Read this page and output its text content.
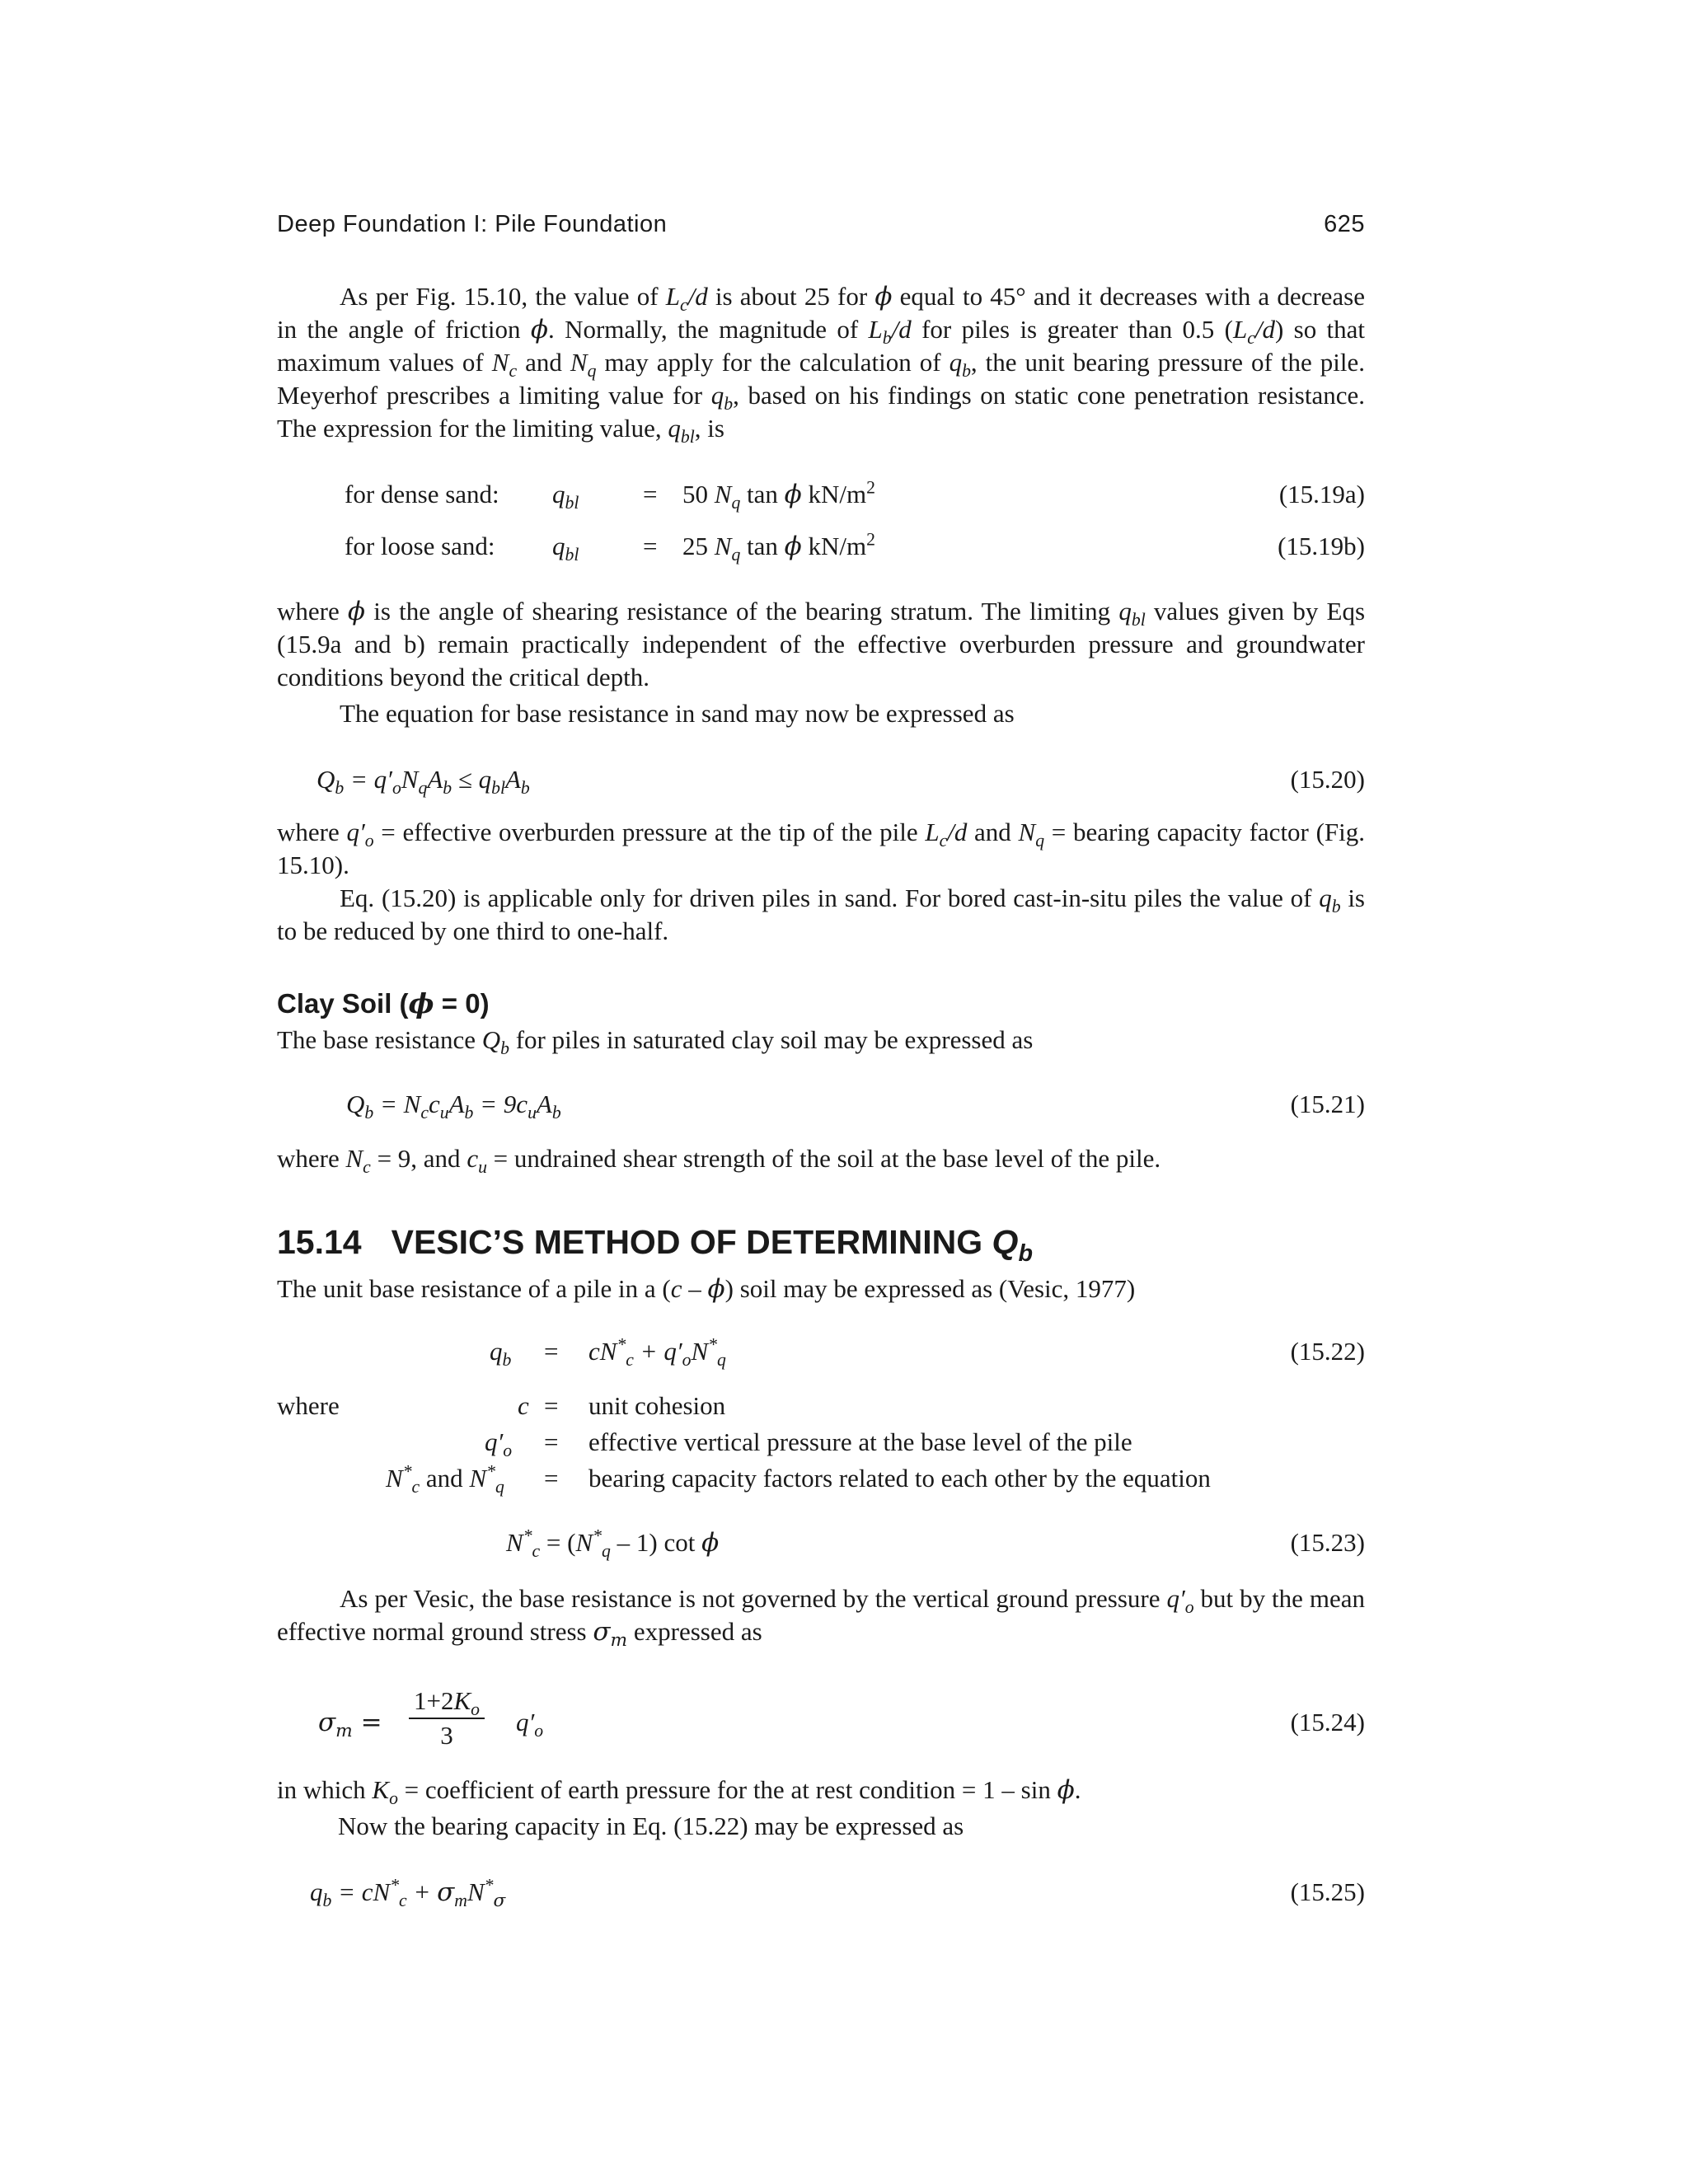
Deep Foundation I: Pile Foundation	625
As per Fig. 15.10, the value of $L_c/d$ is about 25 for ϕ equal to 45° and it decreases with a decrease in the angle of friction ϕ. Normally, the magnitude of $L_b/d$ for piles is greater than 0.5 $(L_c/d)$ so that maximum values of $N_c$ and $N_q$ may apply for the calculation of $q_b$, the unit bearing pressure of the pile. Meyerhof prescribes a limiting value for $q_b$, based on his findings on static cone penetration resistance. The expression for the limiting value, $q_{bl}$, is
for dense sand: $q_{bl}$	= 50 $N_q$ tan ϕ $kN/m^2$	(15.19a)
for loose sand: $q_{bl}$	= 25 $N_q$ tan ϕ $kN/m^2$	(15.19b)
where ϕ is the angle of shearing resistance of the bearing stratum. The limiting $q_{bl}$ values given by Eqs (15.9a and b) remain practically independent of the effective overburden pressure and groundwater conditions beyond the critical depth.
The equation for base resistance in sand may now be expressed as
$Q_b = q'_oN_qA_b \le q_{bl}A_b$	(15.20)
where $q'_o$ = effective overburden pressure at the tip of the pile $L_c/d$ and $N_q$ = bearing capacity factor (Fig. 15.10).
Eq. (15.20) is applicable only for driven piles in sand. For bored cast-in-situ piles the value of $q_b$ is to be reduced by one third to one-half.
Clay Soil (ϕ = 0)
The base resistance $Q_b$ for piles in saturated clay soil may be expressed as
$Q_b = N_cc_uA_b = 9c_uA_b$	(15.21)
where $N_c = 9$, and $c_u$ = undrained shear strength of the soil at the base level of the pile.
15.14 VESIC’S METHOD OF DETERMINING $Q_b$
The unit base resistance of a pile in a (c – ϕ) soil may be expressed as (Vesic, 1977)
$q_b = cN^*_c + q'_oN^*_q$	(15.22)
where	c = unit cohesion
$q'_o$ = effective vertical pressure at the base level of the pile
$N^*_c$ and $N^*_q$ = bearing capacity factors related to each other by the equation
$N^*_c = (N^*_q - 1)$ cot ϕ	(15.23)
As per Vesic, the base resistance is not governed by the vertical ground pressure $q'_o$ but by the mean effective normal ground stress $\sigma_m$ expressed as
$\sigma_m$ =
$1+2K_o$
3	$q'_o$	(15.24)
in which $K_o$ = coefficient of earth pressure for the at rest condition = 1 – sin ϕ.
Now the bearing capacity in Eq. (15.22) may be expressed as
$q_b = cN^*_c + \sigma_mN^*_\sigma$	(15.25)
